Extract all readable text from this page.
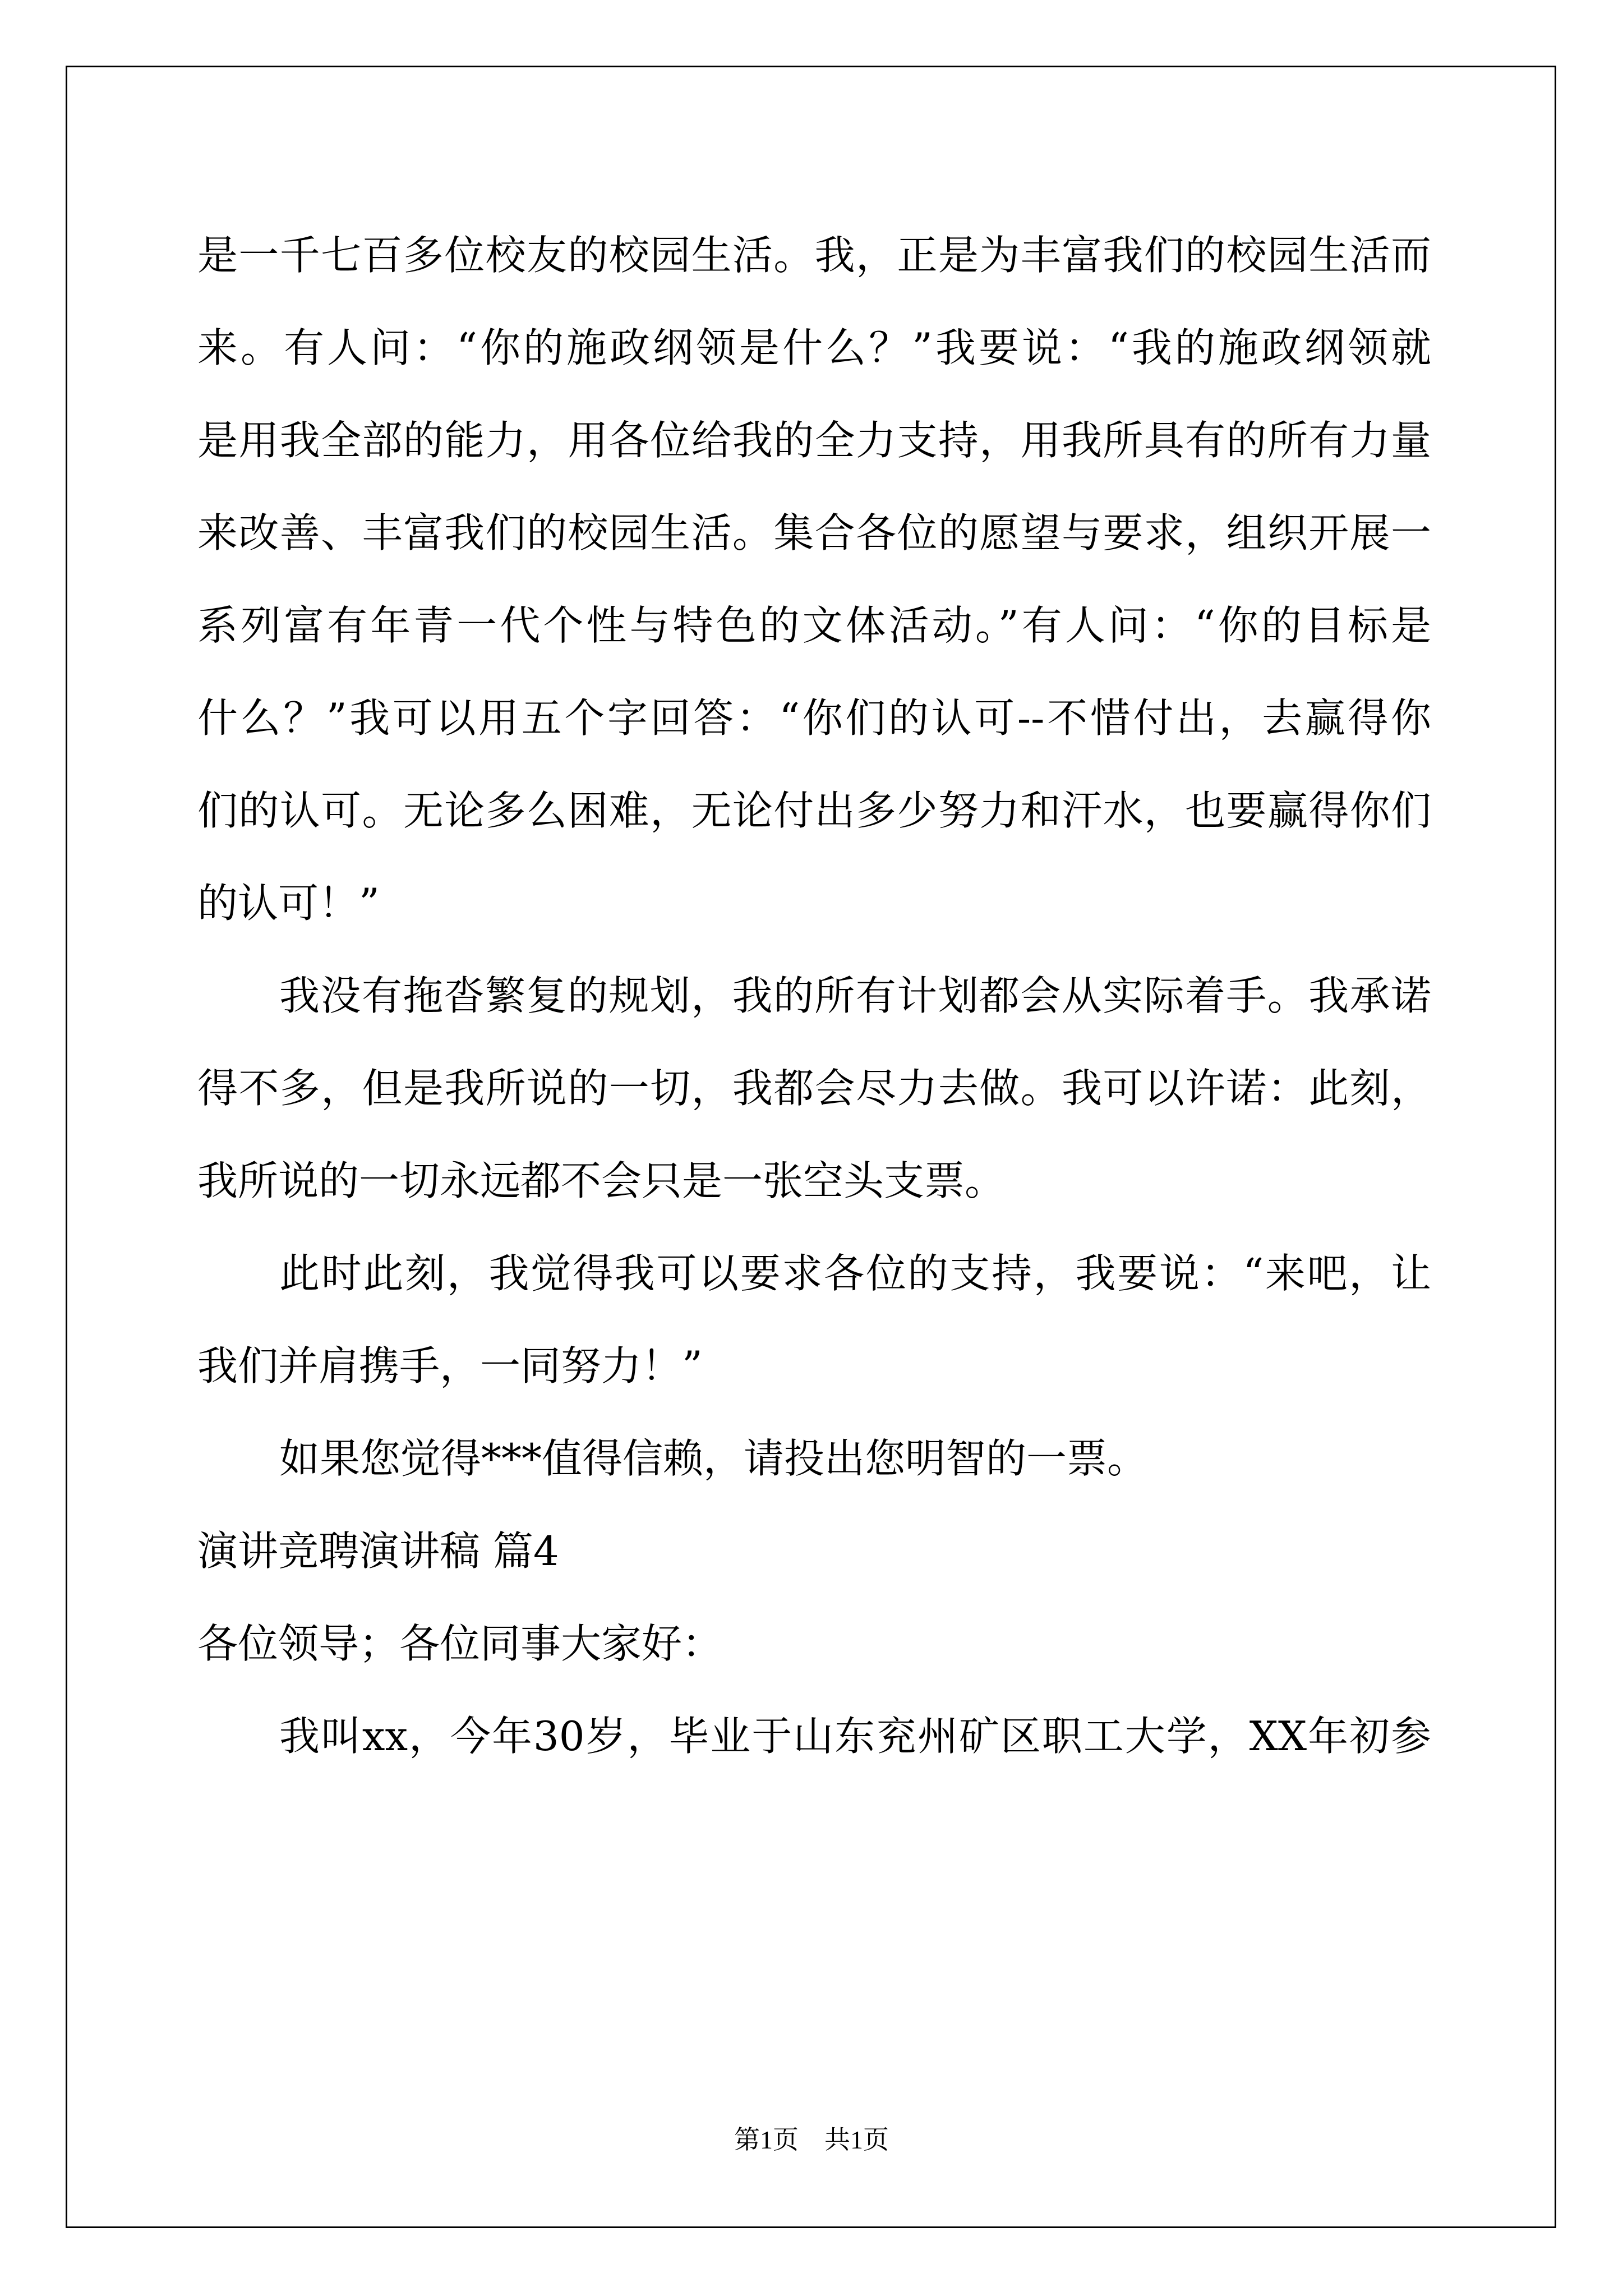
是一千七百多位校友的校园生活。我，正是为丰富我们的校园生活而

来。有人问：“你的施政纲领是什么？”我要说：“我的施政纲领就

是用我全部的能力，用各位给我的全力支持，用我所具有的所有力量

来改善、丰富我们的校园生活。集合各位的愿望与要求，组织开展一

系列富有年青一代个性与特色的文体活动。”有人问：“你的目标是

什么？”我可以用五个字回答：“你们的认可--不惜付出，去赢得你

们的认可。无论多么困难，无论付出多少努力和汗水，也要赢得你们

的认可！”

我没有拖沓繁复的规划，我的所有计划都会从实际着手。我承诺

得不多，但是我所说的一切，我都会尽力去做。我可以许诺：此刻，

我所说的一切永远都不会只是一张空头支票。

此时此刻，我觉得我可以要求各位的支持，我要说：“来吧，让

我们并肩携手，一同努力！”

如果您觉得***值得信赖，请投出您明智的一票。

演讲竞聘演讲稿 篇4

各位领导；各位同事大家好：

我叫xx，今年30岁，毕业于山东兖州矿区职工大学，XX年初参

第1页　共1页
